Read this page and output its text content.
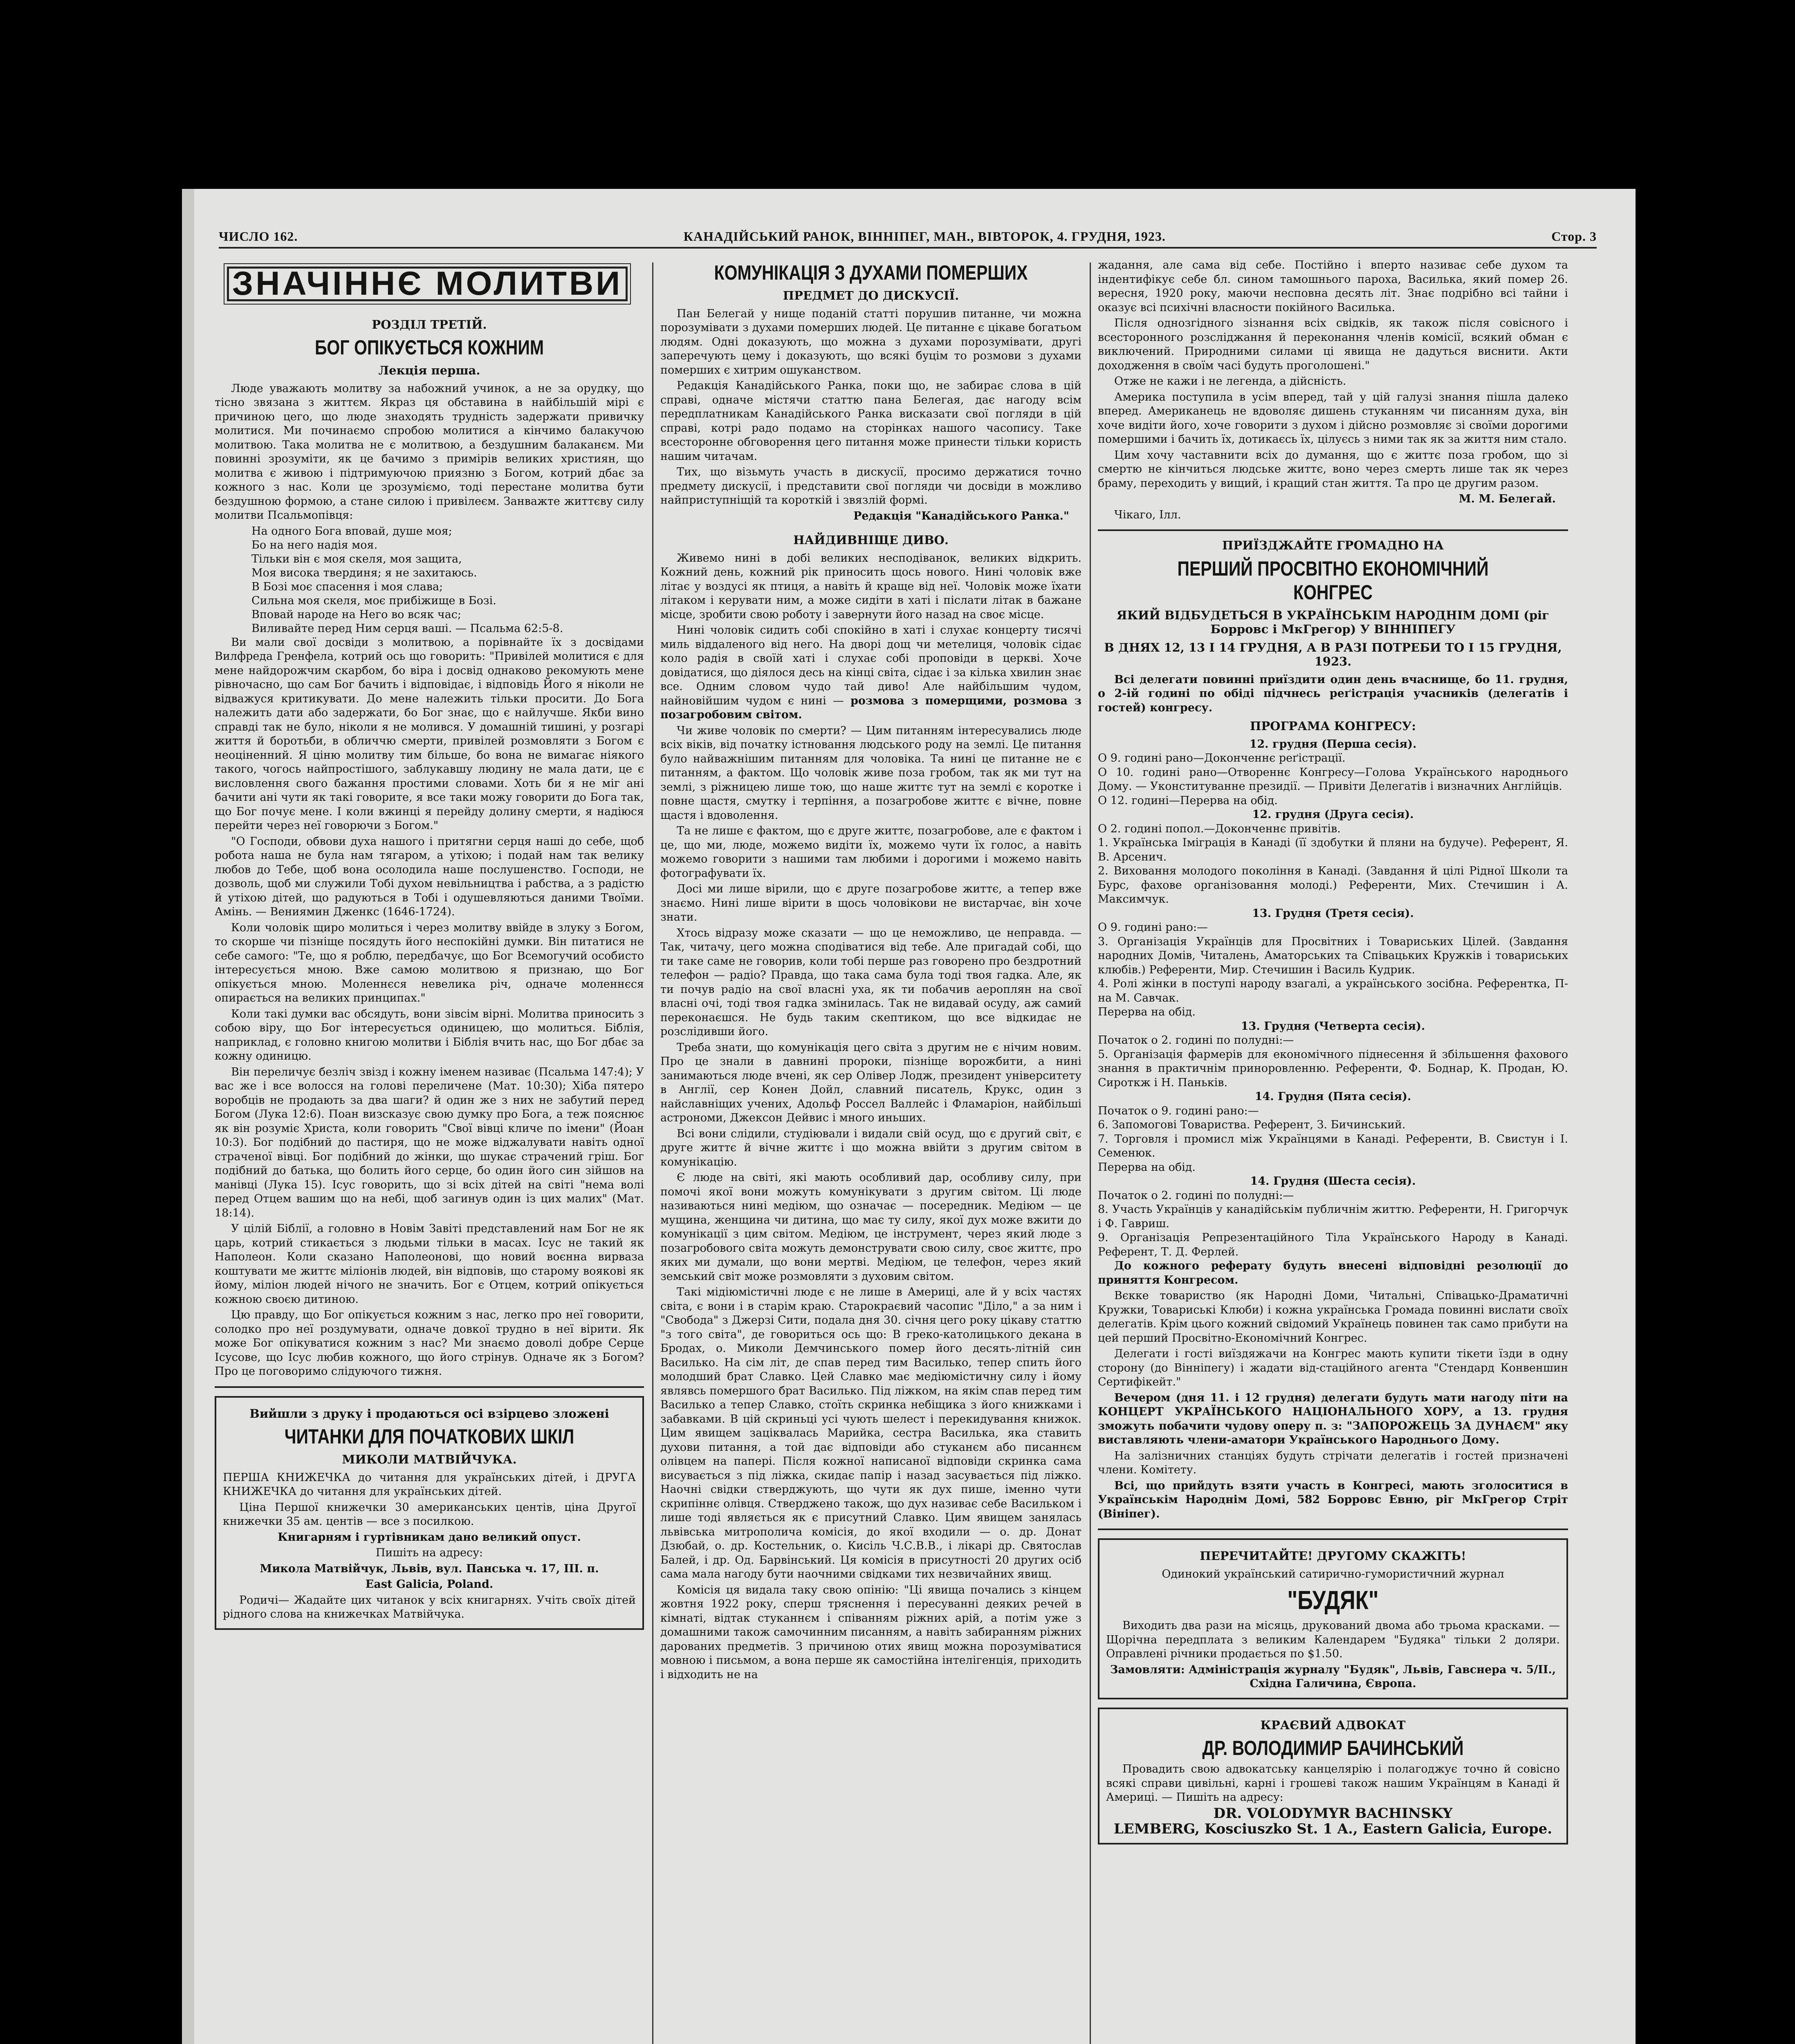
ЧИСЛО 162.	КАНАДІЙСЬКИЙ РАНОК, ВІННІПЕГ, МАН., ВІВТОРОК, 4. ГРУДНЯ, 1923.	Стор. 3
ЗНАЧІННЄ МОЛИТВИ
РОЗДІЛ ТРЕТІЙ.
БОГ ОПІКУЄТЬСЯ КОЖНИМ
Лекція перша.

Люде уважають молитву за набожний учинок, а не за орудку, що тісно звязана з життєм. Якраз ця обставина в найбільшій мірі є причиною цего, що люде знаходять трудність задержати привичку молитися. Ми починаємо спробою молитися а кінчимо балакучою молитвою. Така молитва не є молитвою, а бездушним балаканєм. Ми повинні зрозуміти, як це бачимо з примірів великих християн, що молитва є живою і підтримуючою приязню з Богом, котрий дбає за кожного з нас. Коли це зрозуміємо, тоді перестане молитва бути бездушною формою, а стане силою і привілеєм. Занважте життєву силу молитви Псальмопівця:

На одного Бога вповай, душе моя;
Бо на него надія моя.
Тільки він є моя скеля, моя защита,
Моя висока твердиня; я не захитаюсь.
В Бозі моє спасення і моя слава;
Сильна моя скеля, моє прибіжище в Бозі.
Вповай народе на Него во всяк час;
Виливайте перед Ним серця ваші. — Псальма 62:5-8.

Ви мали свої досвіди з молитвою, а порівнайте їх з досвідами Вилфреда Гренфела, котрий ось що говорить: "Привілей молитися є для мене найдорожчим скарбом, бо віра і досвід однаково рекомують мене рівночасно, що сам Бог бачить і відповідає, і відповідь Його я ніколи не відважуся критикувати. До мене належить тільки просити. До Бога належить дати або задержати, бо Бог знає, що є найлучше. Якби вино справді так не було, ніколи я не молився. У домашній тишині, у розгарі життя й боротьби, в обличчю смерти, привілей розмовляти з Богом є неоціненний. Я ціню молитву тим більше, бо вона не вимагає ніякого такого, чогось найпростішого, заблукавшу людину не мала дати, це є висловлення свого бажання простими словами. Хоть би я не міг ані бачити ані чути як такі говорите, я все таки можу говорити до Бога так, що Бог почує мене. І коли вжинці я перейду долину смерти, я надіюся перейти через неї говорючи з Богом."

"О Господи, обвови духа нашого і притягни серця наші до себе, щоб робота наша не була нам тягаром, а утіхою; і подай нам так велику любов до Тебе, щоб вона осолодила наше послушенство. Господи, не дозволь, щоб ми служили Тобі духом невільництва і рабства, а з радістю й утіхою дітей, що радуються в Тобі і одушевляються даними Твоїми. Амінь. — Вениямин Дженкс (1646-1724).

Коли чоловік щиро молиться і через молитву ввійде в злуку з Богом, то скорше чи пізніще посядуть його неспокійні думки. Він питатися не себе самого: "Те, що я роблю, передбачує, що Бог Всемогучий особисто інтересується мною. Вже самою молитвою я признаю, що Бог опікується мною. Моленнєся невелика річ, одначе моленнєся опирається на великих принципах."

Коли такі думки вас обсядуть, вони зівсім вірні. Молитва приносить з собою віру, що Бог інтересується одиницею, що молиться. Біблія, наприклад, є головно книгою молитви і Біблія вчить нас, що Бог дбає за кожну одиницю.

Він переличує безліч звізд і кожну іменем називає (Псальма 147:4); У вас же і все волосся на голові переличене (Мат. 10:30); Хіба пятеро воробців не продають за два шаги? й один же з них не забутий перед Богом (Лука 12:6). Поан визсказує свою думку про Бога, а теж пояснює як він розуміє Христа, коли говорить "Свої вівці кличе по імени" (Йоан 10:3). Бог подібний до пастиря, що не може віджалувати навіть одної страченої вівці. Бог подібний до жінки, що шукає страчений гріш. Бог подібний до батька, що болить його серце, бо один його син зійшов на манівці (Лука 15). Ісус говорить, що зі всіх дітей на світі "нема волі перед Отцем вашим що на небі, щоб загинув один із цих малих" (Мат. 18:14).

У цілій Біблії, а головно в Новім Завіті представлений нам Бог не як царь, котрий стикається з людьми тільки в масах. Ісус не такий як Наполеон. Коли сказано Наполеонові, що новий воєнна вирваза коштувати ме життє міліонів людей, він відповів, що старому воякові як йому, міліон людей нічого не значить. Бог є Отцем, котрий опікується кожною своєю дитиною.

Цю правду, що Бог опікується кожним з нас, легко про неї говорити, солодко про неї роздумувати, одначе довкої трудно в неї вірити. Як може Бог опікуватися кожним з нас? Ми знаємо доволі добре Серце Ісусове, що Ісус любив кожного, що його стрінув. Одначе як з Богом? Про це поговоримо слідуючого тижня.

Вийшли з друку і продаються осі взірцево зложені
ЧИТАНКИ ДЛЯ ПОЧАТКОВИХ ШКІЛ
МИКОЛИ МАТВІЙЧУКА.

ПЕРША КНИЖЕЧКА до читання для українських дітей, і ДРУГА КНИЖЕЧКА до читання для українських дітей.

Ціна Першої книжечки 30 американських центів, ціна Другої книжечки 35 ам. центів — все з посилкою.

Книгарням і гуртівникам дано великий опуст.

Пишіть на адресу:

Микола Матвійчук, Львів, вул. Панська ч. 17, ІІІ. п.

East Galicia, Poland.

Родичі— Жадайте цих читанок у всіх книгарнях. Учіть своїх дітей рідного слова на книжечках Матвійчука.

КОМУНІКАЦІЯ З ДУХАМИ ПОМЕРШИХ
ПРЕДМЕТ ДО ДИСКУСІЇ.

Пан Белегай у нище поданій статті порушив питанне, чи можна порозумівати з духами померших людей. Це питанне є цікаве богатьом людям. Одні доказують, що можна з духами порозумівати, другі заперечують цему і доказують, що всякі буцім то розмови з духами померших є хитрим ошуканством.

Редакція Канадійського Ранка, поки що, не забирає слова в цій справі, одначе містячи статтю пана Белегая, дає нагоду всім передплатникам Канадійського Ранка висказати свої погляди в цій справі, котрі радо подамо на сторінках нашого часопису. Таке всесторонне обговорення цего питання може принести тільки користь нашим читачам.

Тих, що візьмуть участь в дискусії, просимо держатися точно предмету дискусії, і представити свої погляди чи досвіди в можливо найприступніщій та короткій і звязлій формі.

Редакція "Канадійського Ранка."

НАЙДИВНІЩЕ ДИВО.

Живемо нині в добі великих несподіванок, великих відкрить. Кожний день, кожний рік приносить щось нового. Нині чоловік вже літає у воздусі як птиця, а навіть й краще від неї. Чоловік може їхати літаком і керувати ним, а може сидіти в хаті і післати літак в бажане місце, зробити свою роботу і завернути його назад на своє місце.

Нині чоловік сидить собі спокійно в хаті і слухає концерту тисячі миль віддаленого від него. На дворі дощ чи метелиця, чоловік сідає коло радія в своїй хаті і слухає собі проповіди в церкві. Хоче довідатися, що діялося десь на кінці світа, сідає і за кілька хвилин знає все. Одним словом чудо тай диво! Але найбільшим чудом, найновійшим чудом є нині — розмова з померщими, розмова з позагробовим світом.

Чи живе чоловік по смерти? — Цим питанням інтересувались люде всіх віків, від початку істновання людського роду на землі. Це питання було найважнішим питанням для чоловіка. Та нині це питанне не є питанням, а фактом. Що чоловік живе поза гробом, так як ми тут на землі, з ріжницею лише тою, що наше життє тут на землі є коротке і повне щастя, смутку і терпіння, а позагробове життє є вічне, повне щастя і вдоволення.

Та не лише є фактом, що є друге життє, позагробове, але є фактом і це, що ми, люде, можемо видіти їх, можемо чути їх голос, а навіть можемо говорити з нашими там любими і дорогими і можемо навіть фотографувати їх.

Досі ми лише вірили, що є друге позагробове життє, а тепер вже знаємо. Нині лише вірити в щось чоловікови не вистарчає, він хоче знати.

Хтось відразу може сказати — що це неможливо, це неправда. — Так, читачу, цего можна сподіватися від тебе. Але пригадай собі, що ти таке саме не говорив, коли тобі перше раз говорено про бездротний телефон — радіо? Правда, що така сама була тоді твоя гадка. Але, як ти почув радіо на свої власні уха, як ти побачив аероплян на свої власні очі, тоді твоя гадка змінилась. Так не видавай осуду, аж самий переконаєшся. Не будь таким скептиком, що все відкидає не розслідивши його.

Треба знати, що комунікація цего світа з другим не є нічим новим. Про це знали в давнині пророки, пізніще ворожбити, а нині занимаються люде вчені, як сер Олівер Лодж, президент університету в Англії, сер Конен Дойл, славний писатель, Крукс, один з найславніщих учених, Адольф Россел Валлейс і Фламаріон, найбільші астрономи, Джексон Дейвис і много иньших.

Всі вони слідили, студіювали і видали свій осуд, що є другий світ, є друге життє й вічне життє і що можна ввійти з другим світом в комунікацію.

Є люде на світі, які мають особливий дар, особливу силу, при помочі якої вони можуть комунікувати з другим світом. Ці люде називаються нині медіюм, що означає — посередник. Медіюм — це мущина, женщина чи дитина, що має ту силу, якої дух може вжити до комунікації з цим світом. Медіюм, це інструмент, через який люде з позагробового світа можуть демонструвати свою силу, своє життє, про яких ми думали, що вони мертві. Медіюм, це телефон, через який земський світ може розмовляти з духовим світом.

Такі мідіюмістичні люде є не лише в Америці, але й у всіх частях світа, є вони і в старім краю. Старокраєвий часопис "Діло," а за ним і "Свобода" з Джерзі Сити, подала дня 30. січня цего року цікаву статтю "з того світа", де говориться ось що: В греко-католицького декана в Бродах, о. Миколи Демчинського помер його десять-літній син Василько. На сім літ, де спав перед тим Василько, тепер спить його молодший брат Славко. Цей Славко має медіюмістичну силу і йому являвсь помершого брат Василько. Під ліжком, на якім спав перед тим Василько а тепер Славко, стоїть скринка небіщика з його книжками і забавками. В цій скриньці усі чують шелест і перекидування книжок. Цим явищем заціквалась Марийка, сестра Василька, яка ставить духови питання, а той дає відповіди або стуканєм або писаннєм олівцем на папері. Після кожної написаної відповіди скринка сама висувається з під ліжка, скидає папір і назад засувається під ліжко. Наочні свідки стверджують, що чути як дух пише, іменно чути скрипіннє олівця. Стверджено також, що дух називає себе Васильком і лише тоді являється як є присутний Славко. Цим явищем занялась львівська митрополича комісія, до якої входили — о. др. Донат Дзюбай, о. др. Костельник, о. Кисіль Ч.С.В.В., і лікарі др. Святослав Балей, і др. Од. Барвінський. Ця комісія в присутності 20 других осіб сама мала нагоду бути наочними свідками тих незвичайних явищ.

Комісія ця видала таку свою опінію: "Ці явища почались з кінцем жовтня 1922 року, сперш тряснення і пересуванні деяких речей в кімнаті, відтак стуканнєм і співанням ріжних арій, а потім уже з домашними також самочинним писанням, а навіть забиранням ріжних дарованих предметів. З причиною отих явищ можна порозуміватися мовною і письмом, а вона перше як самостійна інтелігенція, приходить і відходить не на

жадання, але сама від себе. Постійно і вперто називає себе духом та індентифікує себе бл. сином тамошнього пароха, Василька, який помер 26. вересня, 1920 року, маючи несповна десять літ. Знає подрібно всі тайни і оказує всі психічні власности покійного Василька.

Після однозгідного зізнання всіх свідків, як також після совісного і всесторонного розсліджання й переконання членів комісії, всякий обман є виключений. Природними силами ці явища не дадуться виснити. Акти доходження в своїм часі будуть проголошені."

Отже не кажи і не легенда, а дійсність.

Америка поступила в усім вперед, тай у цій галузі знання пішла далеко вперед. Американець не вдоволяє дишень стуканням чи писанням духа, він хоче видіти його, хоче говорити з духом і дійсно розмовляє зі своїми дорогими помершими і бачить їх, дотикаєсь їх, цілуєсь з ними так як за життя ним стало.

Цим хочу частавнити всіх до думання, що є життє поза гробом, що зі смертю не кінчиться людське життє, воно через смерть лише так як через браму, переходить у вищий, і кращий стан життя. Та про це другим разом.

М. М. Белегай.

Чікаго, Ілл.

ПРИЇЗДЖАЙТЕ ГРОМАДНО НА
ПЕРШИЙ ПРОСВІТНО ЕКОНОМІЧНИЙ КОНГРЕС
ЯКИЙ ВІДБУДЕТЬСЯ В УКРАЇНСЬКІМ НАРОДНІМ ДОМІ (ріг Борровс і МкГрегор) У ВІННІПЕГУ
В ДНЯХ 12, 13 І 14 ГРУДНЯ, А В РАЗІ ПОТРЕБИ ТО І 15 ГРУДНЯ, 1923.

Всі делегати повинні приїздити один день вчаснище, бо 11. грудня, о 2-ій годині по обіді підчнесь реґістрація учасників (делегатів і гостей) конгресу.

ПРОГРАМА КОНГРЕСУ:
12. грудня (Перша сесія).
О 9. годині рано—Доконченнє реґістрації.
О 10. годині рано—Отвореннє Конгресу—Голова Українського народнього Дому. — Уконституванне президії. — Привіти Делегатів і визначних Англійців.
О 12. годині—Перерва на обід.
12. грудня (Друга сесія).
О 2. годині попол.—Доконченнє привітів.
1. Українська Іміграція в Канаді (її здобутки й пляни на будуче). Референт, Я. В. Арсенич.
2. Виховання молодого покоління в Канаді. (Завдання й цілі Рідної Школи та Бурс, фахове організовання молоді.) Референти, Мих. Стечишин і А. Максимчук.
13. Грудня (Третя сесія).
О 9. годині рано:—
3. Організація Українців для Просвітних і Товариських Цілей. (Завдання народних Домів, Читалень, Аматорських та Співацьких Кружків і товариських клюбів.) Референти, Мир. Стечишин і Василь Кудрик.
4. Ролі жінки в поступі народу взагалі, а українського зосібна. Референтка, П-на М. Савчак.
Перерва на обід.
13. Грудня (Четверта сесія).
Початок о 2. годині по полудні:—
5. Організація фармерів для економічного піднесення й збільшення фахового знання в практичнім приноровленню. Референти, Ф. Боднар, К. Продан, Ю. Сироткж і Н. Паньків.
14. Грудня (Пята сесія).
Початок о 9. годині рано:—
6. Запомогові Товариства. Референт, З. Бичинський.
7. Торговля і промисл між Українцями в Канаді. Референти, В. Свистун і І. Семенюк.
Перерва на обід.
14. Грудня (Шеста сесія).
Початок о 2. годині по полудні:—
8. Участь Українців у канадійськім публичнім життю. Референти, Н. Григорчук і Ф. Гавриш.
9. Організація Репрезентаційного Тіла Українського Народу в Канаді. Референт, Т. Д. Ферлей.

До кожного реферату будуть внесені відповідні резолюції до приняття Конгресом.

Вєкке товариство (як Народні Доми, Читальні, Співацько-Драматичні Кружки, Товариські Клюби) і кожна українська Громада повинні вислати своїх делегатів. Крім цього кожний свідомий Українець повинен так само прибути на цей перший Просвітно-Економічний Конгрес.

Делегати і гості виїздяжачи на Конгрес мають купити тікети їзди в одну сторону (до Вінніпегу) і жадати від-стаційного агента "Стендард Конвеншин Сертифікейт."

Вечером (дня 11. і 12 грудня) делегати будуть мати нагоду піти на КОНЦЕРТ УКРАЇНСЬКОГО НАЦІОНАЛЬНОГО ХОРУ, а 13. грудня зможуть побачити чудову оперу п. з: "ЗАПОРОЖЕЦЬ ЗА ДУНАЄМ" яку виставляють члени-аматори Українського Народнього Дому.

На залізничних станціях будуть стрічати делегатів і гостей призначені члени. Комітету.

Всі, що прийдуть взяти участь в Конгресі, мають зголоситися в Українськім Народнім Домі, 582 Борровс Евню, ріг МкГрегор Стріт (Вініпег).

ПЕРЕЧИТАЙТЕ! ДРУГОМУ СКАЖІТЬ!

Одинокий український сатирично-гумористичний журнал

"БУДЯК"

Виходить два рази на місяць, друкований двома або трьома красками. — Щорічна передплата з великим Календарем "Будяка" тільки 2 доляри. Оправлені річники продається по $1.50.

Замовляти: Адміністрація журналу "Будяк", Львів, Гавснера ч. 5/ІІ., Східна Галичина, Європа.

КРАЄВИЙ АДВОКАТ
ДР. ВОЛОДИМИР БАЧИНСЬКИЙ

Провадить свою адвокатську канцелярію і полагоджує точно й совісно всякі справи цивільні, карні і грошеві також нашим Українцям в Канаді й Америці. — Пишіть на адресу:

DR. VOLODYMYR BACHINSKY

LEMBERG, Kosciuszko St. 1 A., Eastern Galicia, Europe.
